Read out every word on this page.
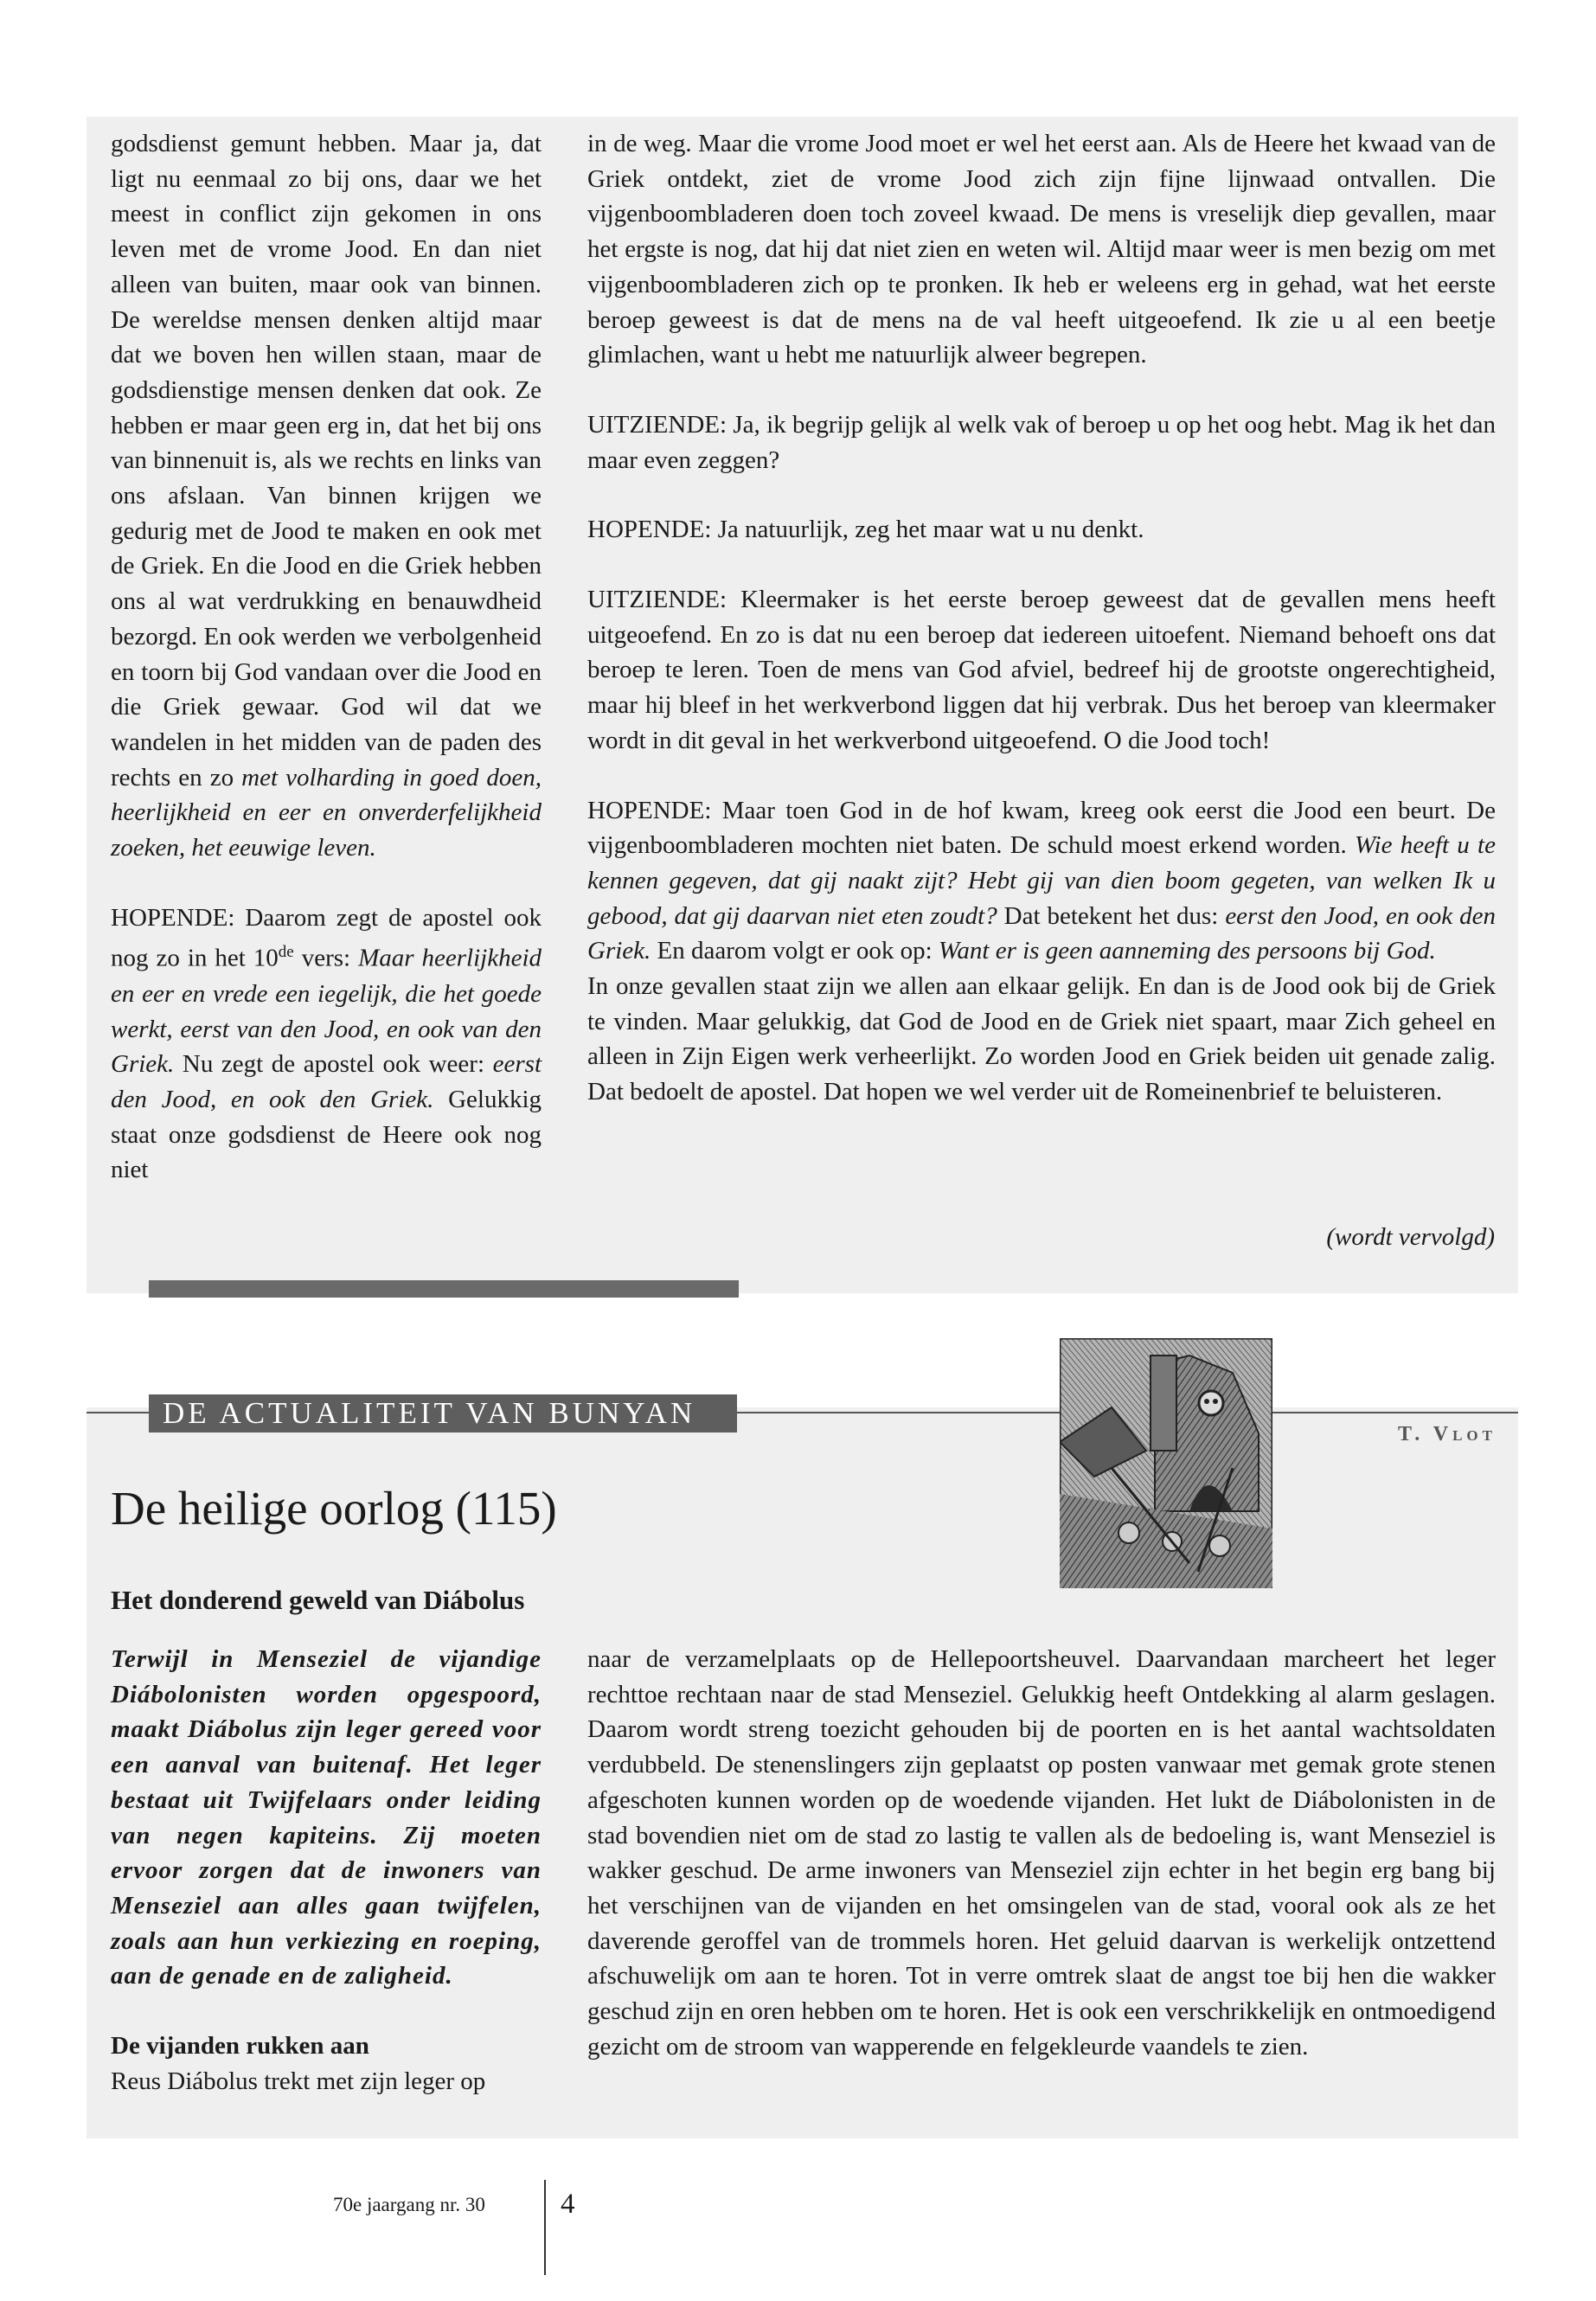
godsdienst gemunt hebben. Maar ja, dat ligt nu eenmaal zo bij ons, daar we het meest in conflict zijn gekomen in ons leven met de vrome Jood. En dan niet alleen van buiten, maar ook van binnen. De wereldse mensen denken altijd maar dat we boven hen willen staan, maar de godsdienstige mensen denken dat ook. Ze hebben er maar geen erg in, dat het bij ons van binnenuit is, als we rechts en links van ons afslaan. Van binnen krijgen we gedurig met de Jood te maken en ook met de Griek. En die Jood en die Griek hebben ons al wat verdrukking en benauwdheid bezorgd. En ook werden we verbolgenheid en toorn bij God vandaan over die Jood en die Griek gewaar. God wil dat we wandelen in het midden van de paden des rechts en zo met volharding in goed doen, heerlijkheid en eer en onverderfelijkheid zoeken, het eeuwige leven.

HOPENDE: Daarom zegt de apostel ook nog zo in het 10de vers: Maar heerlijkheid en eer en vrede een iegelijk, die het goede werkt, eerst van den Jood, en ook van den Griek. Nu zegt de apostel ook weer: eerst den Jood, en ook den Griek. Gelukkig staat onze godsdienst de Heere ook nog niet

in de weg. Maar die vrome Jood moet er wel het eerst aan. Als de Heere het kwaad van de Griek ontdekt, ziet de vrome Jood zich zijn fijne lijnwaad ontvallen. Die vijgenboombladeren doen toch zoveel kwaad. De mens is vreselijk diep gevallen, maar het ergste is nog, dat hij dat niet zien en weten wil. Altijd maar weer is men bezig om met vijgenboombladeren zich op te pronken. Ik heb er weleens erg in gehad, wat het eerste beroep geweest is dat de mens na de val heeft uitgeoefend. Ik zie u al een beetje glimlachen, want u hebt me natuurlijk alweer begrepen.

UITZIENDE: Ja, ik begrijp gelijk al welk vak of beroep u op het oog hebt. Mag ik het dan maar even zeggen?

HOPENDE: Ja natuurlijk, zeg het maar wat u nu denkt.

UITZIENDE: Kleermaker is het eerste beroep geweest dat de gevallen mens heeft uitgeoefend. En zo is dat nu een beroep dat iedereen uitoefent. Niemand behoeft ons dat beroep te leren. Toen de mens van God afviel, bedreef hij de grootste ongerechtigheid, maar hij bleef in het werkverbond liggen dat hij verbrak. Dus het beroep van kleermaker wordt in dit geval in het werkverbond uitgeoefend. O die Jood toch!

HOPENDE: Maar toen God in de hof kwam, kreeg ook eerst die Jood een beurt. De vijgenboombladeren mochten niet baten. De schuld moest erkend worden. Wie heeft u te kennen gegeven, dat gij naakt zijt? Hebt gij van dien boom gegeten, van welken Ik u gebood, dat gij daarvan niet eten zoudt? Dat betekent het dus: eerst den Jood, en ook den Griek. En daarom volgt er ook op: Want er is geen aanneming des persoons bij God.

In onze gevallen staat zijn we allen aan elkaar gelijk. En dan is de Jood ook bij de Griek te vinden. Maar gelukkig, dat God de Jood en de Griek niet spaart, maar Zich geheel en alleen in Zijn Eigen werk verheerlijkt. Zo worden Jood en Griek beiden uit genade zalig. Dat bedoelt de apostel. Dat hopen we wel verder uit de Romeinenbrief te beluisteren.

(wordt vervolgd)
DE ACTUALITEIT VAN BUNYAN
T. Vlot
De heilige oorlog (115)
Het donderend geweld van Diábolus

Terwijl in Menseziel de vijandige Diábolonisten worden opgespoord, maakt Diábolus zijn leger gereed voor een aanval van buitenaf. Het leger bestaat uit Twijfelaars onder leiding van negen kapiteins. Zij moeten ervoor zorgen dat de inwoners van Menseziel aan alles gaan twijfelen, zoals aan hun verkiezing en roeping, aan de genade en de zaligheid.

De vijanden rukken aan

Reus Diábolus trekt met zijn leger op

naar de verzamelplaats op de Hellepoortsheuvel. Daarvandaan marcheert het leger rechttoe rechtaan naar de stad Menseziel. Gelukkig heeft Ontdekking al alarm geslagen. Daarom wordt streng toezicht gehouden bij de poorten en is het aantal wachtsoldaten verdubbeld. De stenenslingers zijn geplaatst op posten vanwaar met gemak grote stenen afgeschoten kunnen worden op de woedende vijanden. Het lukt de Diábolonisten in de stad bovendien niet om de stad zo lastig te vallen als de bedoeling is, want Menseziel is wakker geschud. De arme inwoners van Menseziel zijn echter in het begin erg bang bij het verschijnen van de vijanden en het omsingelen van de stad, vooral ook als ze het daverende geroffel van de trommels horen. Het geluid daarvan is werkelijk ontzettend afschuwelijk om aan te horen. Tot in verre omtrek slaat de angst toe bij hen die wakker geschud zijn en oren hebben om te horen. Het is ook een verschrikkelijk en ontmoedigend gezicht om de stroom van wapperende en felgekleurde vaandels te zien.

70e jaargang nr. 30	4
